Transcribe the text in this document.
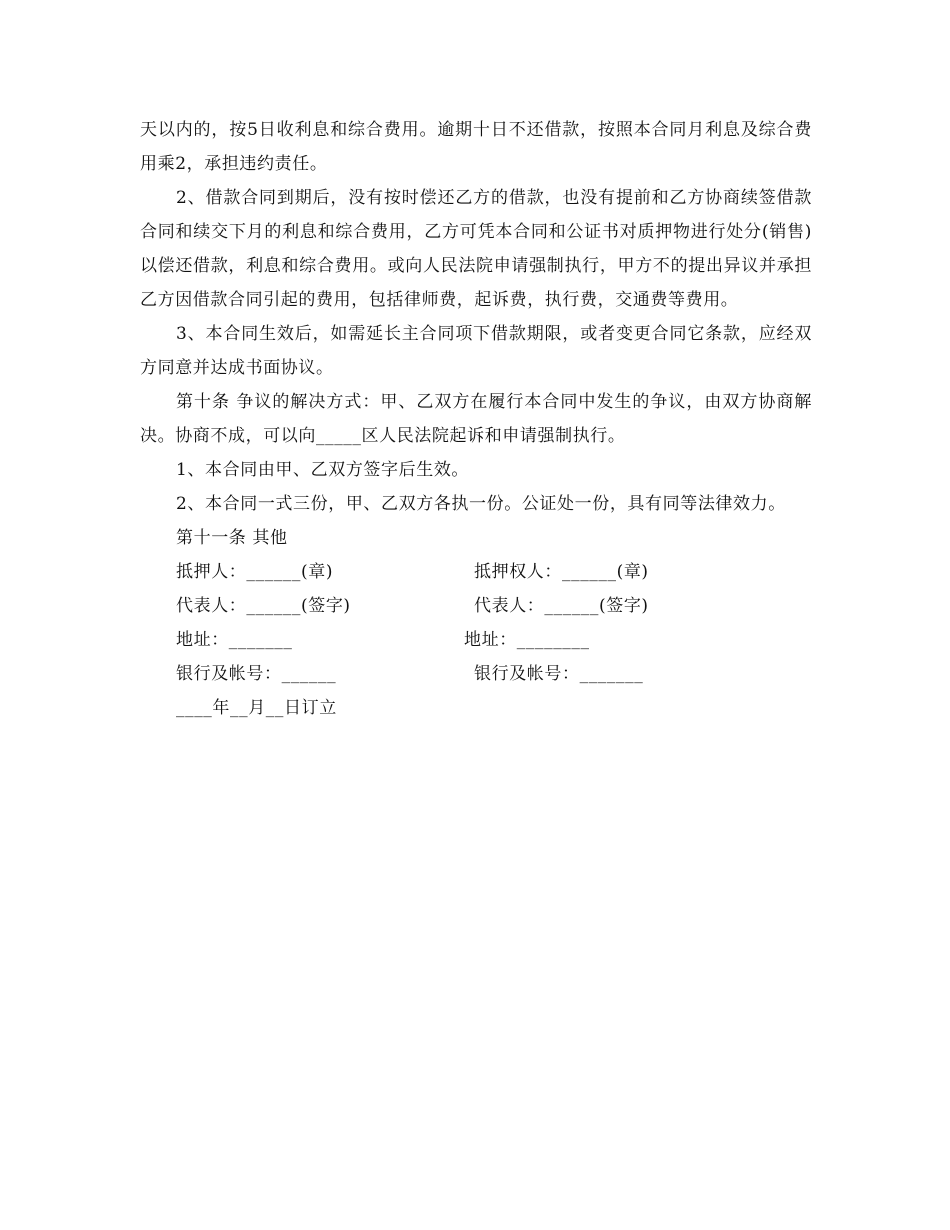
天以内的，按5日收利息和综合费用。逾期十日不还借款，按照本合同月利息及综合费用乘2，承担违约责任。

2、借款合同到期后，没有按时偿还乙方的借款，也没有提前和乙方协商续签借款合同和续交下月的利息和综合费用，乙方可凭本合同和公证书对质押物进行处分(销售)以偿还借款，利息和综合费用。或向人民法院申请强制执行，甲方不的提出异议并承担乙方因借款合同引起的费用，包括律师费，起诉费，执行费，交通费等费用。

3、本合同生效后，如需延长主合同项下借款期限，或者变更合同它条款，应经双方同意并达成书面协议。

第十条 争议的解决方式：甲、乙双方在履行本合同中发生的争议，由双方协商解决。协商不成，可以向_____区人民法院起诉和申请强制执行。

1、本合同由甲、乙双方签字后生效。

2、本合同一式三份，甲、乙双方各执一份。公证处一份，具有同等法律效力。

第十一条 其他

抵押人：______(章)	抵押权人：______(章)
代表人：______(签字)	代表人：______(签字)
地址：_______	地址：________
银行及帐号：______	银行及帐号：_______
____年__月__日订立
